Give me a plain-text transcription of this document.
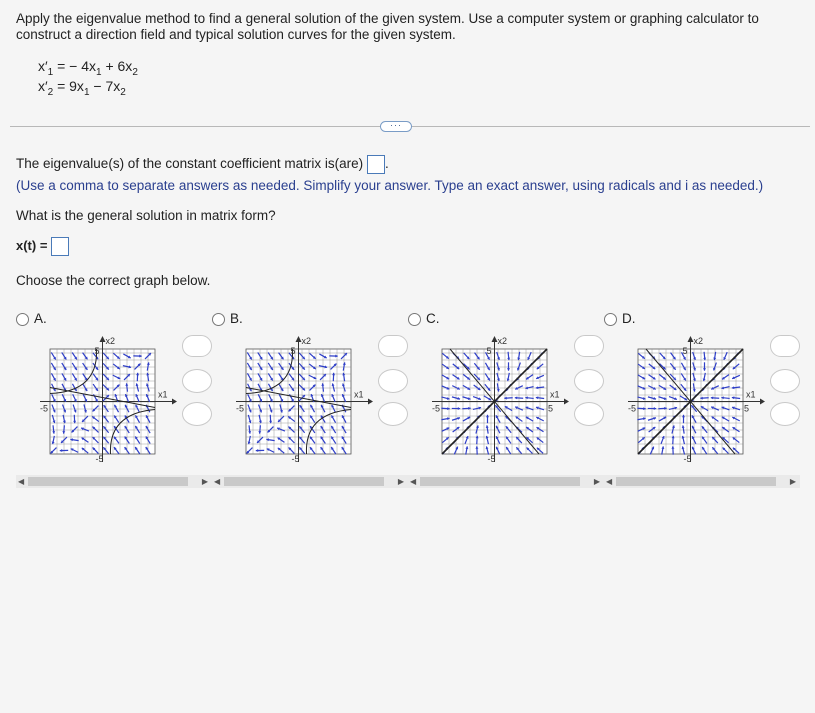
Apply the eigenvalue method to find a general solution of the given system. Use a computer system or graphing calculator to construct a direction field and typical solution curves for the given system.
$x'_1$ = − $4x_1 + 6x_2$
$x'_2 = 9x_1 - 7x_2$
···
The eigenvalue(s) of the constant coefficient matrix is(are) .
(Use a comma to separate answers as needed. Simplify your answer. Type an exact answer, using radicals and i as needed.)
What is the general solution in matrix form?
x(t) =
Choose the correct graph below.
A.
x2
x1
5
-5
-5
◀	▶
B.
x2
x1
5
-5
-5
◀	▶
C.
x2
x1
5
-5
-5	5
◀	▶
D.
x2
x1
5
-5
-5	5
◀	▶
